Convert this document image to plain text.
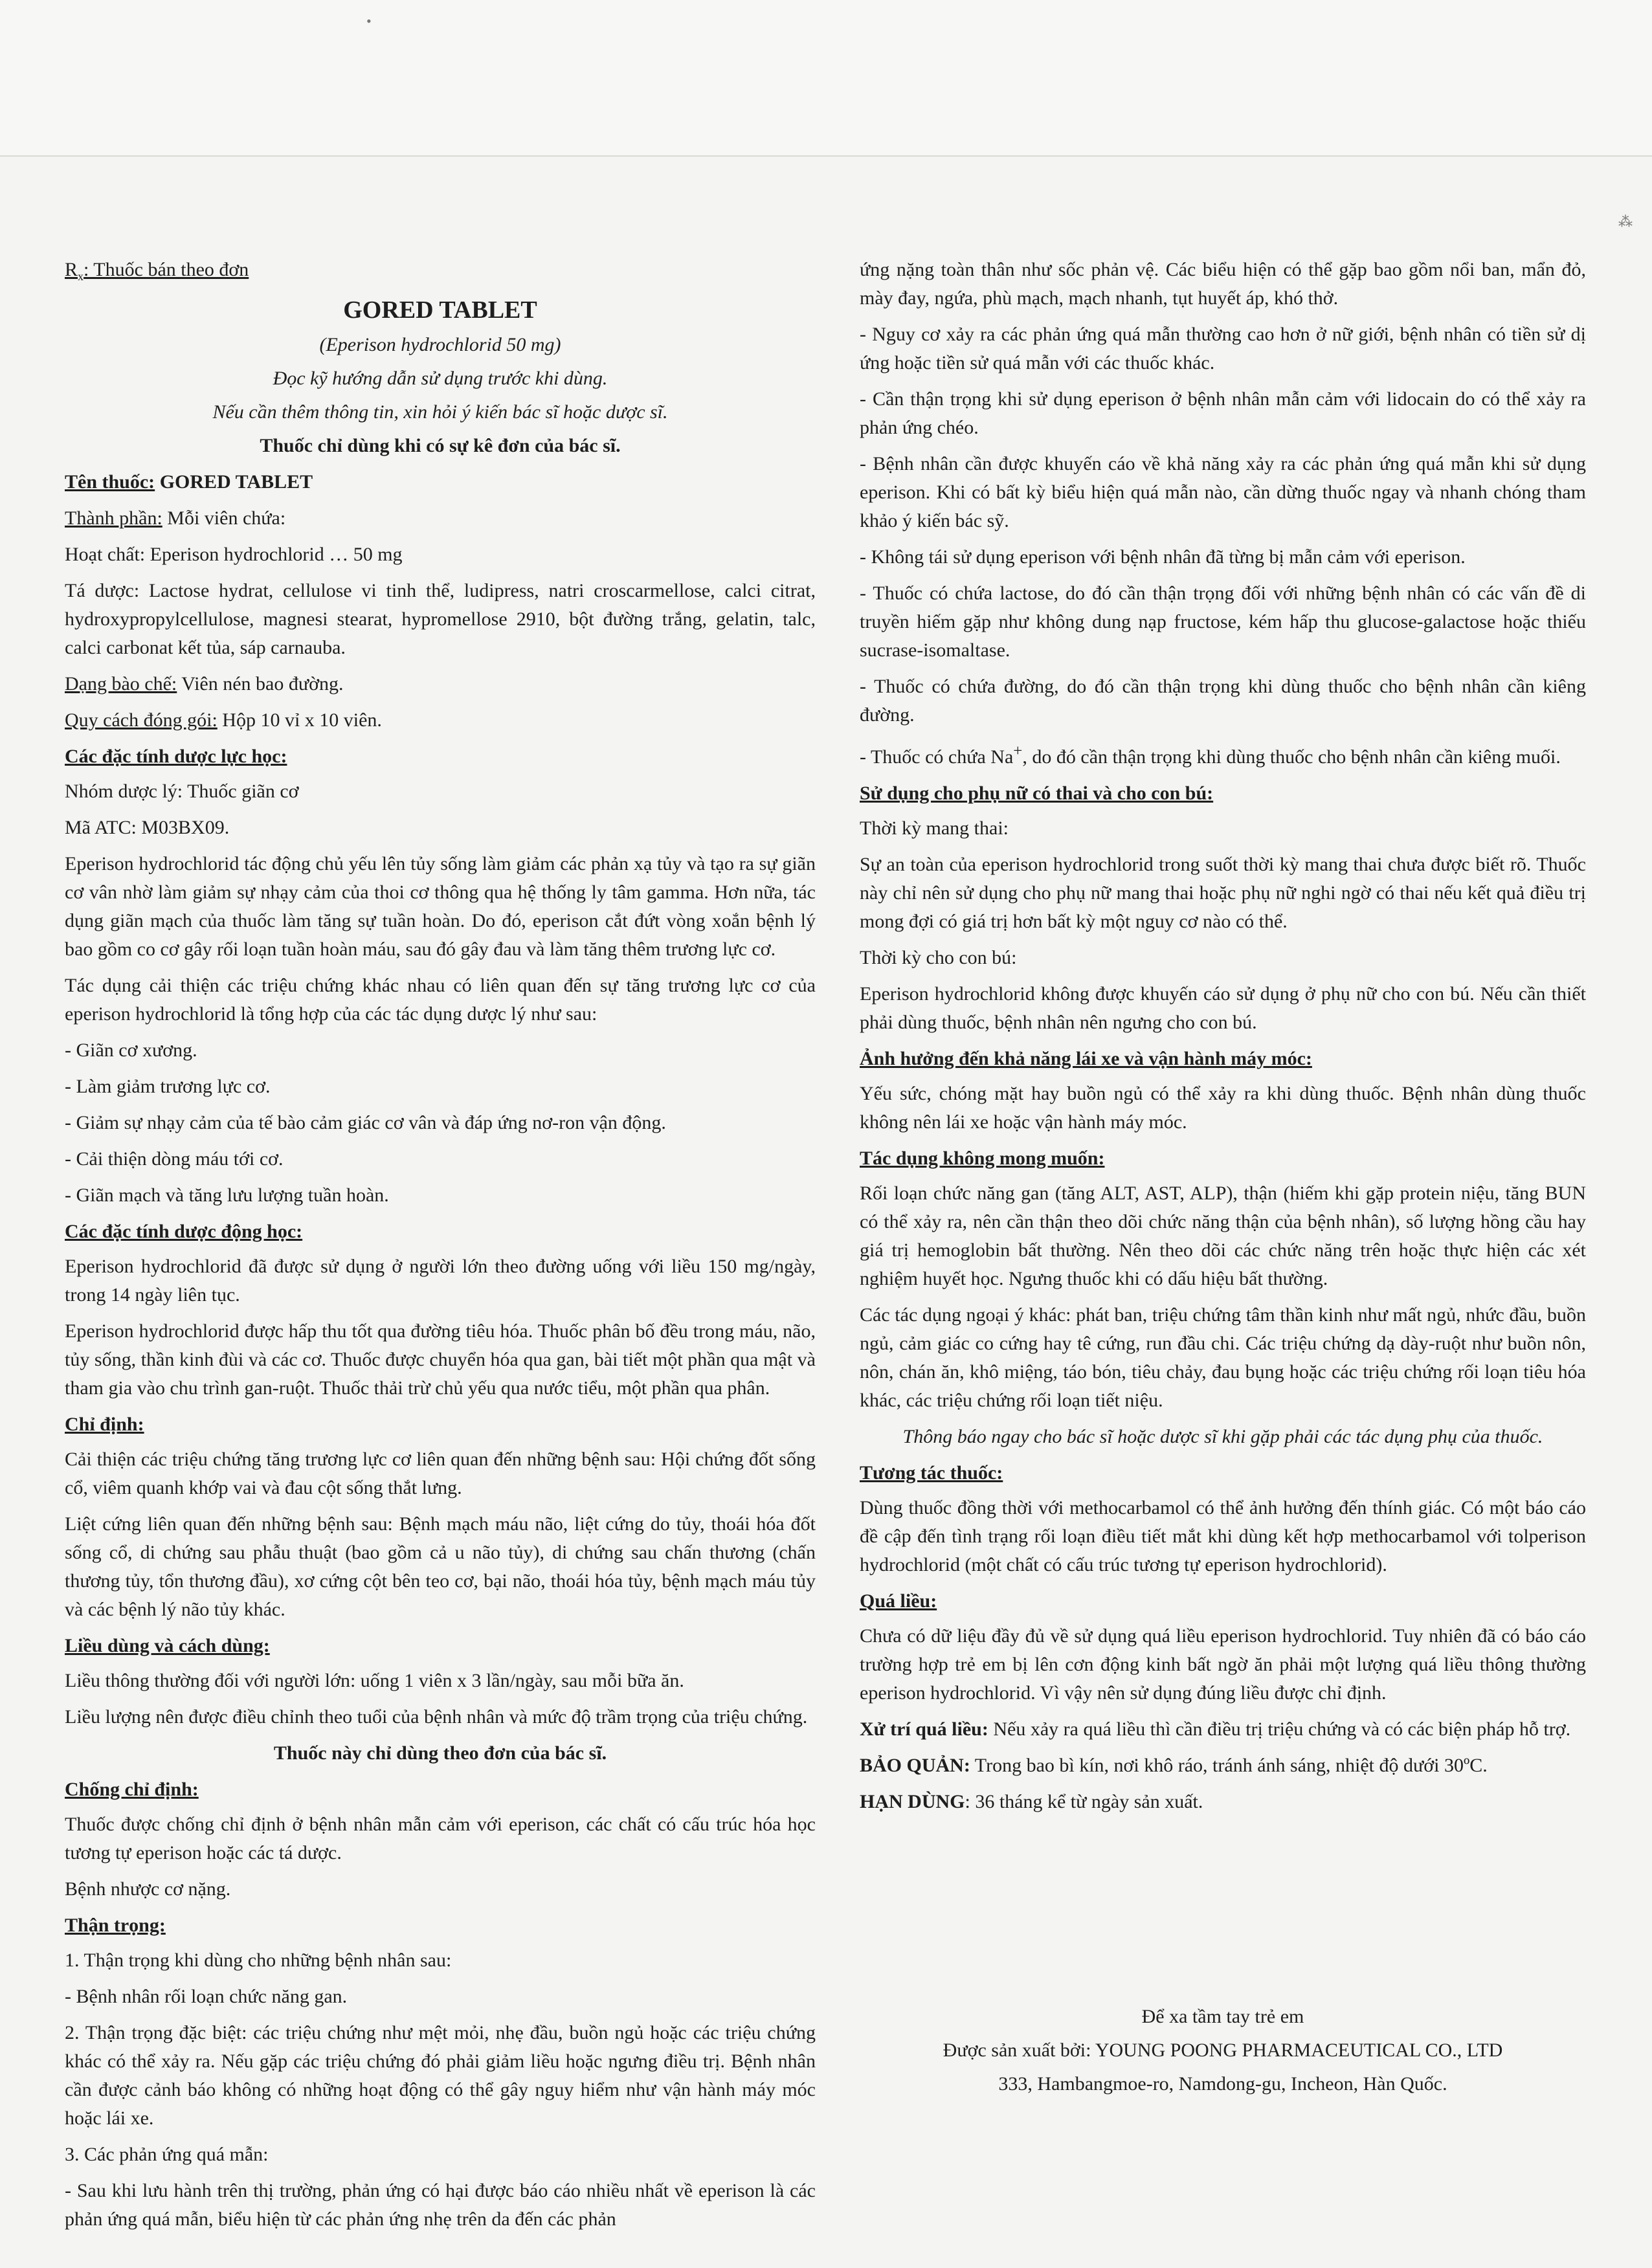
•
⁂

$R_x$: Thuốc bán theo đơn

GORED TABLET

(Eperison hydrochlorid 50 mg)

Đọc kỹ hướng dẫn sử dụng trước khi dùng.

Nếu cần thêm thông tin, xin hỏi ý kiến bác sĩ hoặc dược sĩ.

Thuốc chỉ dùng khi có sự kê đơn của bác sĩ.

Tên thuốc: GORED TABLET

Thành phần: Mỗi viên chứa:

Hoạt chất: Eperison hydrochlorid … 50 mg

Tá dược: Lactose hydrat, cellulose vi tinh thể, ludipress, natri croscarmellose, calci citrat, hydroxypropylcellulose, magnesi stearat, hypromellose 2910, bột đường trắng, gelatin, talc, calci carbonat kết tủa, sáp carnauba.

Dạng bào chế: Viên nén bao đường.

Quy cách đóng gói: Hộp 10 vỉ x 10 viên.

Các đặc tính dược lực học:

Nhóm dược lý: Thuốc giãn cơ

Mã ATC: M03BX09.

Eperison hydrochlorid tác động chủ yếu lên tủy sống làm giảm các phản xạ tủy và tạo ra sự giãn cơ vân nhờ làm giảm sự nhạy cảm của thoi cơ thông qua hệ thống ly tâm gamma. Hơn nữa, tác dụng giãn mạch của thuốc làm tăng sự tuần hoàn. Do đó, eperison cắt đứt vòng xoắn bệnh lý bao gồm co cơ gây rối loạn tuần hoàn máu, sau đó gây đau và làm tăng thêm trương lực cơ.

Tác dụng cải thiện các triệu chứng khác nhau có liên quan đến sự tăng trương lực cơ của eperison hydrochlorid là tổng hợp của các tác dụng dược lý như sau:

- Giãn cơ xương.

- Làm giảm trương lực cơ.

- Giảm sự nhạy cảm của tế bào cảm giác cơ vân và đáp ứng nơ-ron vận động.

- Cải thiện dòng máu tới cơ.

- Giãn mạch và tăng lưu lượng tuần hoàn.

Các đặc tính dược động học:

Eperison hydrochlorid đã được sử dụng ở người lớn theo đường uống với liều 150 mg/ngày, trong 14 ngày liên tục.

Eperison hydrochlorid được hấp thu tốt qua đường tiêu hóa. Thuốc phân bố đều trong máu, não, tủy sống, thần kinh đùi và các cơ. Thuốc được chuyển hóa qua gan, bài tiết một phần qua mật và tham gia vào chu trình gan-ruột. Thuốc thải trừ chủ yếu qua nước tiểu, một phần qua phân.

Chỉ định:

Cải thiện các triệu chứng tăng trương lực cơ liên quan đến những bệnh sau: Hội chứng đốt sống cổ, viêm quanh khớp vai và đau cột sống thắt lưng.

Liệt cứng liên quan đến những bệnh sau: Bệnh mạch máu não, liệt cứng do tủy, thoái hóa đốt sống cổ, di chứng sau phẫu thuật (bao gồm cả u não tủy), di chứng sau chấn thương (chấn thương tủy, tổn thương đầu), xơ cứng cột bên teo cơ, bại não, thoái hóa tủy, bệnh mạch máu tủy và các bệnh lý não tủy khác.

Liều dùng và cách dùng:

Liều thông thường đối với người lớn: uống 1 viên x 3 lần/ngày, sau mỗi bữa ăn.

Liều lượng nên được điều chỉnh theo tuổi của bệnh nhân và mức độ trầm trọng của triệu chứng.

Thuốc này chỉ dùng theo đơn của bác sĩ.

Chống chỉ định:

Thuốc được chống chỉ định ở bệnh nhân mẫn cảm với eperison, các chất có cấu trúc hóa học tương tự eperison hoặc các tá dược.

Bệnh nhược cơ nặng.

Thận trọng:

1. Thận trọng khi dùng cho những bệnh nhân sau:

- Bệnh nhân rối loạn chức năng gan.

2. Thận trọng đặc biệt: các triệu chứng như mệt mỏi, nhẹ đầu, buồn ngủ hoặc các triệu chứng khác có thể xảy ra. Nếu gặp các triệu chứng đó phải giảm liều hoặc ngưng điều trị. Bệnh nhân cần được cảnh báo không có những hoạt động có thể gây nguy hiểm như vận hành máy móc hoặc lái xe.

3. Các phản ứng quá mẫn:

- Sau khi lưu hành trên thị trường, phản ứng có hại được báo cáo nhiều nhất về eperison là các phản ứng quá mẫn, biểu hiện từ các phản ứng nhẹ trên da đến các phản

ứng nặng toàn thân như sốc phản vệ. Các biểu hiện có thể gặp bao gồm nổi ban, mẩn đỏ, mày đay, ngứa, phù mạch, mạch nhanh, tụt huyết áp, khó thở.

- Nguy cơ xảy ra các phản ứng quá mẫn thường cao hơn ở nữ giới, bệnh nhân có tiền sử dị ứng hoặc tiền sử quá mẫn với các thuốc khác.

- Cần thận trọng khi sử dụng eperison ở bệnh nhân mẫn cảm với lidocain do có thể xảy ra phản ứng chéo.

- Bệnh nhân cần được khuyến cáo về khả năng xảy ra các phản ứng quá mẫn khi sử dụng eperison. Khi có bất kỳ biểu hiện quá mẫn nào, cần dừng thuốc ngay và nhanh chóng tham khảo ý kiến bác sỹ.

- Không tái sử dụng eperison với bệnh nhân đã từng bị mẫn cảm với eperison.

- Thuốc có chứa lactose, do đó cần thận trọng đối với những bệnh nhân có các vấn đề di truyền hiếm gặp như không dung nạp fructose, kém hấp thu glucose-galactose hoặc thiếu sucrase-isomaltase.

- Thuốc có chứa đường, do đó cần thận trọng khi dùng thuốc cho bệnh nhân cần kiêng đường.

- Thuốc có chứa Na+, do đó cần thận trọng khi dùng thuốc cho bệnh nhân cần kiêng muối.

Sử dụng cho phụ nữ có thai và cho con bú:

Thời kỳ mang thai:

Sự an toàn của eperison hydrochlorid trong suốt thời kỳ mang thai chưa được biết rõ. Thuốc này chỉ nên sử dụng cho phụ nữ mang thai hoặc phụ nữ nghi ngờ có thai nếu kết quả điều trị mong đợi có giá trị hơn bất kỳ một nguy cơ nào có thể.

Thời kỳ cho con bú:

Eperison hydrochlorid không được khuyến cáo sử dụng ở phụ nữ cho con bú. Nếu cần thiết phải dùng thuốc, bệnh nhân nên ngưng cho con bú.

Ảnh hưởng đến khả năng lái xe và vận hành máy móc:

Yếu sức, chóng mặt hay buồn ngủ có thể xảy ra khi dùng thuốc. Bệnh nhân dùng thuốc không nên lái xe hoặc vận hành máy móc.

Tác dụng không mong muốn:

Rối loạn chức năng gan (tăng ALT, AST, ALP), thận (hiếm khi gặp protein niệu, tăng BUN có thể xảy ra, nên cần thận theo dõi chức năng thận của bệnh nhân), số lượng hồng cầu hay giá trị hemoglobin bất thường. Nên theo dõi các chức năng trên hoặc thực hiện các xét nghiệm huyết học. Ngưng thuốc khi có dấu hiệu bất thường.

Các tác dụng ngoại ý khác: phát ban, triệu chứng tâm thần kinh như mất ngủ, nhức đầu, buồn ngủ, cảm giác co cứng hay tê cứng, run đầu chi. Các triệu chứng dạ dày-ruột như buồn nôn, nôn, chán ăn, khô miệng, táo bón, tiêu chảy, đau bụng hoặc các triệu chứng rối loạn tiêu hóa khác, các triệu chứng rối loạn tiết niệu.

Thông báo ngay cho bác sĩ hoặc dược sĩ khi gặp phải các tác dụng phụ của thuốc.

Tương tác thuốc:

Dùng thuốc đồng thời với methocarbamol có thể ảnh hưởng đến thính giác. Có một báo cáo đề cập đến tình trạng rối loạn điều tiết mắt khi dùng kết hợp methocarbamol với tolperison hydrochlorid (một chất có cấu trúc tương tự eperison hydrochlorid).

Quá liều:

Chưa có dữ liệu đầy đủ về sử dụng quá liều eperison hydrochlorid. Tuy nhiên đã có báo cáo trường hợp trẻ em bị lên cơn động kinh bất ngờ ăn phải một lượng quá liều thông thường eperison hydrochlorid. Vì vậy nên sử dụng đúng liều được chỉ định.

Xử trí quá liều: Nếu xảy ra quá liều thì cần điều trị triệu chứng và có các biện pháp hỗ trợ.

BẢO QUẢN: Trong bao bì kín, nơi khô ráo, tránh ánh sáng, nhiệt độ dưới 30ºC.

HẠN DÙNG: 36 tháng kể từ ngày sản xuất.

Để xa tầm tay trẻ em
Được sản xuất bởi: YOUNG POONG PHARMACEUTICAL CO., LTD
333, Hambangmoe-ro, Namdong-gu, Incheon, Hàn Quốc.
